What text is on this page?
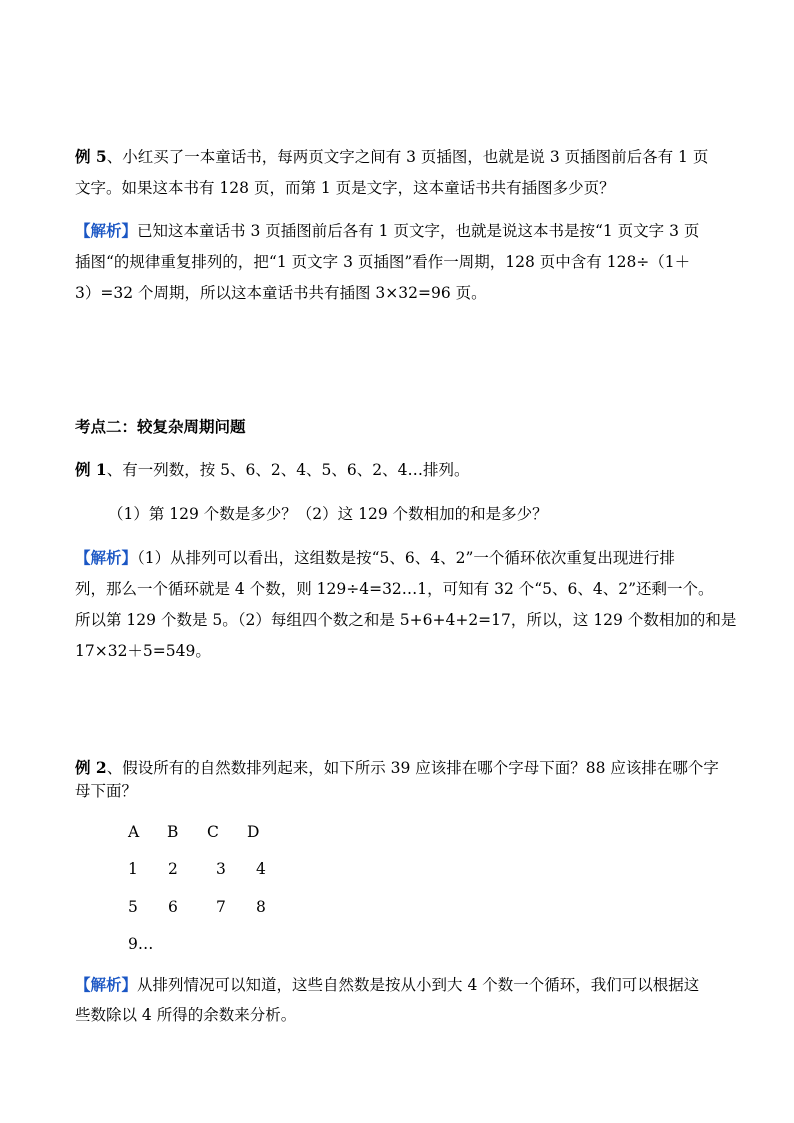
例 5、小红买了一本童话书，每两页文字之间有 3 页插图，也就是说 3 页插图前后各有 1 页
文字。如果这本书有 128 页，而第 1 页是文字，这本童话书共有插图多少页？
【解析】已知这本童话书 3 页插图前后各有 1 页文字，也就是说这本书是按“1 页文字 3 页
插图“的规律重复排列的，把“1 页文字 3 页插图”看作一周期，128 页中含有 128÷（1＋
3）=32 个周期，所以这本童话书共有插图 3×32=96 页。
考点二：较复杂周期问题
例 1、有一列数，按 5、6、2、4、5、6、2、4…排列。
（1）第 129 个数是多少？（2）这 129 个数相加的和是多少？
【解析】（1）从排列可以看出，这组数是按“5、6、4、2”一个循环依次重复出现进行排
列，那么一个循环就是 4 个数，则 129÷4=32…1，可知有 32 个“5、6、4、2”还剩一个。
所以第 129 个数是 5。（2）每组四个数之和是 5+6+4+2=17，所以，这 129 个数相加的和是
17×32＋5=549。
例 2、假设所有的自然数排列起来，如下所示 39 应该排在哪个字母下面？88 应该排在哪个字
母下面？
A B C D
1 2 3 4
5 6 7 8
9…
【解析】从排列情况可以知道，这些自然数是按从小到大 4 个数一个循环，我们可以根据这
些数除以 4 所得的余数来分析。
